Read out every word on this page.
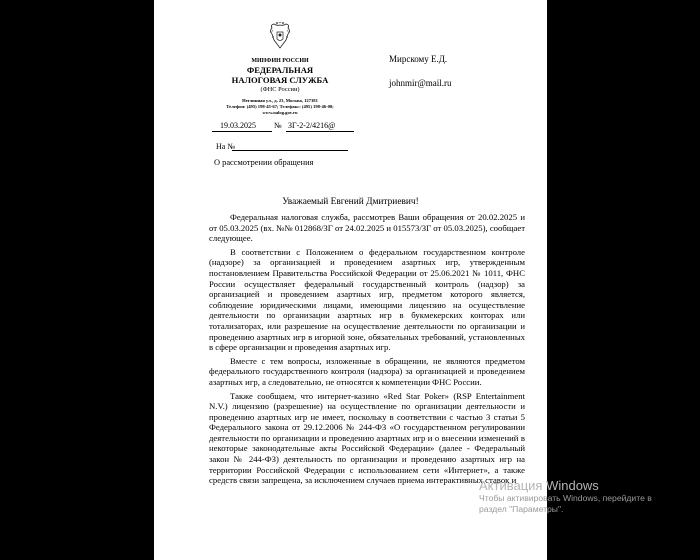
МИНФИН РОССИИ
ФЕДЕРАЛЬНАЯ
НАЛОГОВАЯ СЛУЖБА
(ФНС России)
Неглинная ул., д. 23, Москва, 127381
Телефон: (495) 198-45-67; Телефакс: (495) 198-46-00;
www.nalog.gov.ru
Мирскому Е.Д.
johnmir@mail.ru
19.03.2025 № ЗГ-2-2/4216@
На №
О рассмотрении обращения
Уважаемый Евгений Дмитриевич!

Федеральная налоговая служба, рассмотрев Ваши обращения от 20.02.2025 и от 05.03.2025 (вх. №№ 012868/ЗГ от 24.02.2025 и 015573/ЗГ от 05.03.2025), сообщает следующее.

В соответствии с Положением о федеральном государственном контроле (надзоре) за организацией и проведением азартных игр, утвержденным постановлением Правительства Российской Федерации от 25.06.2021 № 1011, ФНС России осуществляет федеральный государственный контроль (надзор) за организацией и проведением азартных игр, предметом которого является, соблюдение юридическими лицами, имеющими лицензию на осуществление деятельности по организации азартных игр в букмекерских конторах или тотализаторах, или разрешение на осуществление деятельности по организации и проведению азартных игр в игорной зоне, обязательных требований, установленных в сфере организации и проведения азартных игр.

Вместе с тем вопросы, изложенные в обращении, не являются предметом федерального государственного контроля (надзора) за организацией и проведением азартных игр, а следовательно, не относятся к компетенции ФНС России.

Также сообщаем, что интернет-казино «Red Star Poker» (RSP Entertainment N.V.) лицензию (разрешение) на осуществление по организации деятельности и проведению азартных игр не имеет, поскольку в соответствии с частью 3 статьи 5 Федерального закона от 29.12.2006 № 244-ФЗ «О государственном регулировании деятельности по организации и проведению азартных игр и о внесении изменений в некоторые законодательные акты Российской Федерации» (далее - Федеральный закон № 244-ФЗ) деятельность по организации и проведению азартных игр на территории Российской Федерации с использованием сети «Интернет», а также средств связи запрещена, за исключением случаев приема интерактивных ставок и

Активация Windows
Чтобы активировать Windows, перейдите в
раздел "Параметры".
